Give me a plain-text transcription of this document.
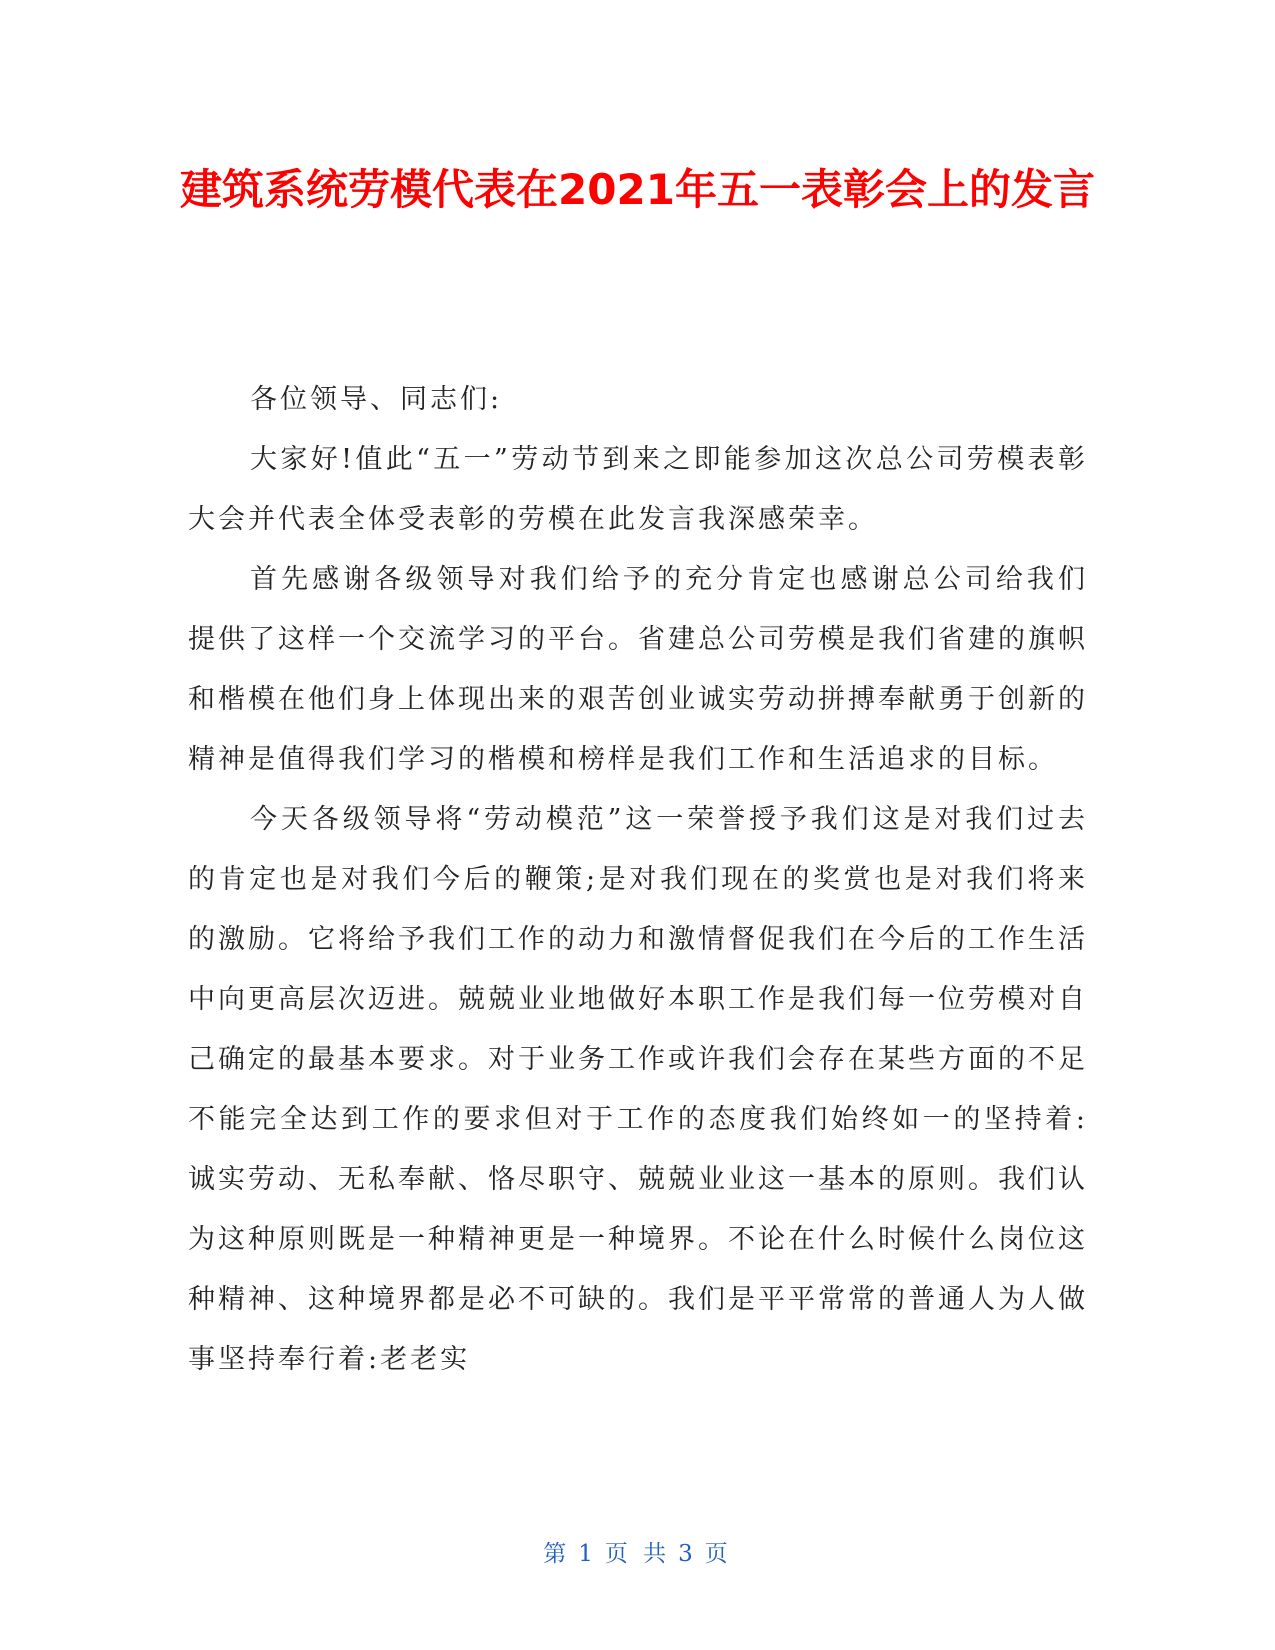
建筑系统劳模代表在2021年五一表彰会上的发言

各位领导、同志们:

大家好!值此“五一”劳动节到来之即能参加这次总公司劳模表彰大会并代表全体受表彰的劳模在此发言我深感荣幸。

首先感谢各级领导对我们给予的充分肯定也感谢总公司给我们提供了这样一个交流学习的平台。省建总公司劳模是我们省建的旗帜和楷模在他们身上体现出来的艰苦创业诚实劳动拼搏奉献勇于创新的精神是值得我们学习的楷模和榜样是我们工作和生活追求的目标。

今天各级领导将“劳动模范”这一荣誉授予我们这是对我们过去的肯定也是对我们今后的鞭策;是对我们现在的奖赏也是对我们将来的激励。它将给予我们工作的动力和激情督促我们在今后的工作生活中向更高层次迈进。兢兢业业地做好本职工作是我们每一位劳模对自己确定的最基本要求。对于业务工作或许我们会存在某些方面的不足不能完全达到工作的要求但对于工作的态度我们始终如一的坚持着:诚实劳动、无私奉献、恪尽职守、兢兢业业这一基本的原则。我们认为这种原则既是一种精神更是一种境界。不论在什么时候什么岗位这种精神、这种境界都是必不可缺的。我们是平平常常的普通人为人做事坚持奉行着:老老实

第 1 页 共 3 页
